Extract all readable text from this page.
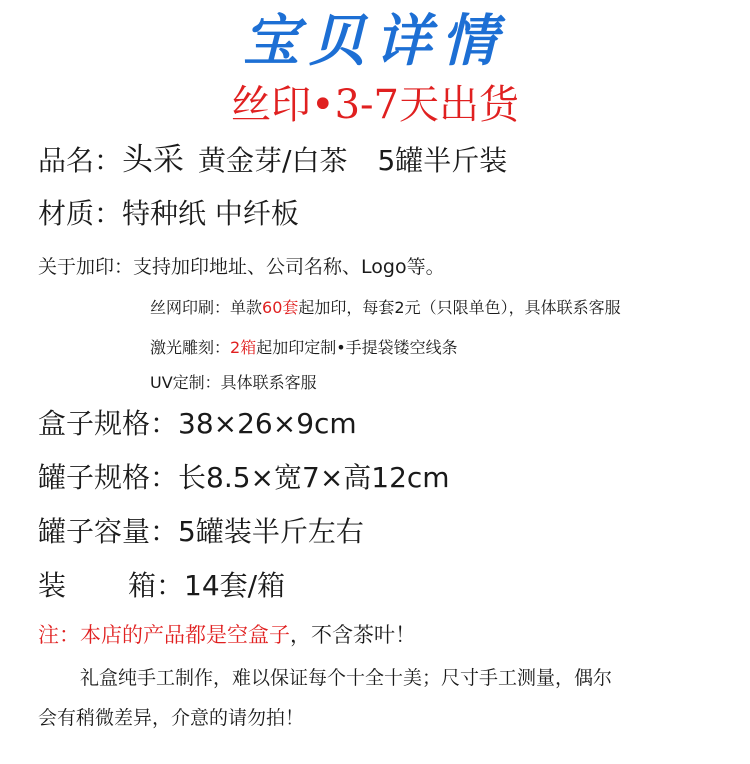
宝贝详情
丝印•3-7天出货
品名：头采 黄金芽/白茶 5罐半斤装
材质：特种纸 中纤板
关于加印：支持加印地址、公司名称、Logo等。
丝网印刷：单款60套起加印，每套2元（只限单色），具体联系客服
激光雕刻：2箱起加印定制•手提袋镂空线条
UV定制：具体联系客服
盒子规格：38×26×9cm
罐子规格：长8.5×宽7×高12cm
罐子容量：5罐装半斤左右
装 箱：14套/箱
注：本店的产品都是空盒子，不含茶叶！
礼盒纯手工制作，难以保证每个十全十美；尺寸手工测量，偶尔
会有稍微差异，介意的请勿拍！
